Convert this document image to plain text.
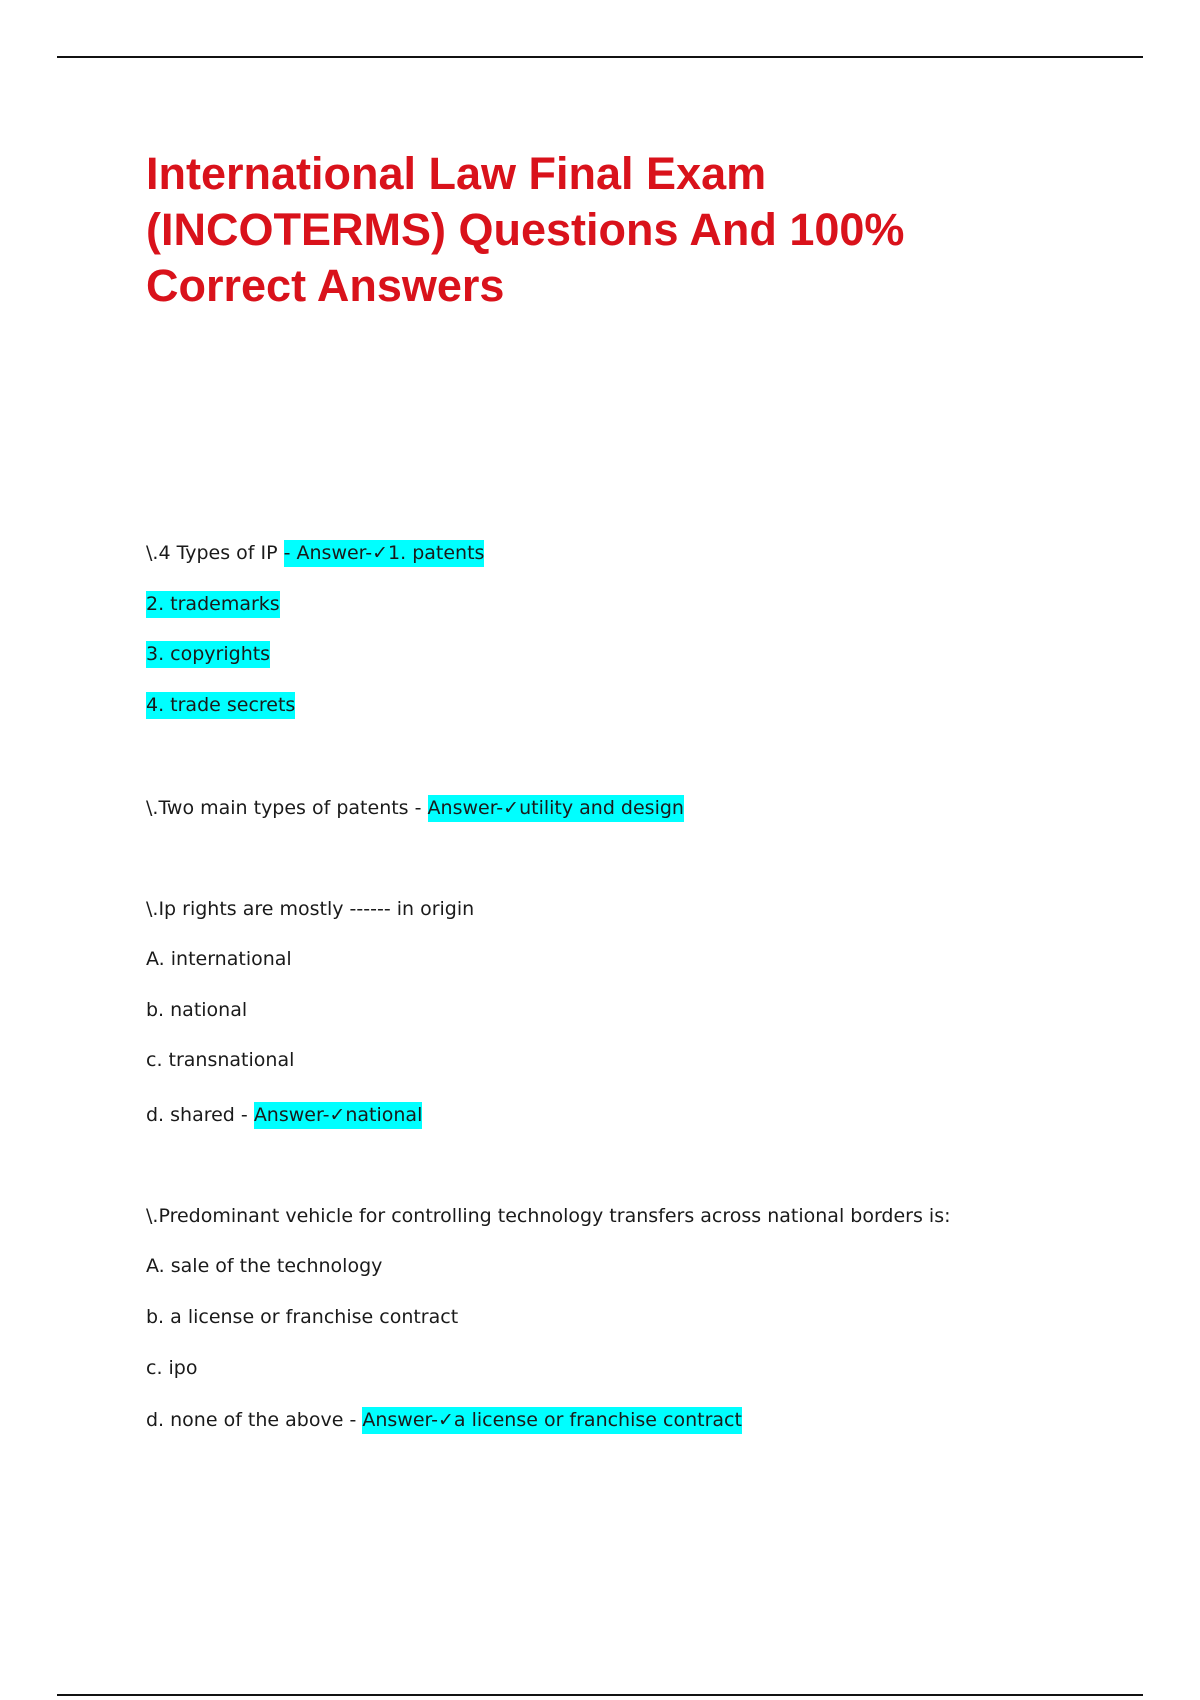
International Law Final Exam
(INCOTERMS) Questions And 100%
Correct Answers

\.4 Types of IP - Answer-✓1. patents

2. trademarks

3. copyrights

4. trade secrets

\.Two main types of patents - Answer-✓utility and design

\.Ip rights are mostly ------ in origin

A. international

b. national

c. transnational

d. shared - Answer-✓national

\.Predominant vehicle for controlling technology transfers across national borders is:

A. sale of the technology

b. a license or franchise contract

c. ipo

d. none of the above - Answer-✓a license or franchise contract
